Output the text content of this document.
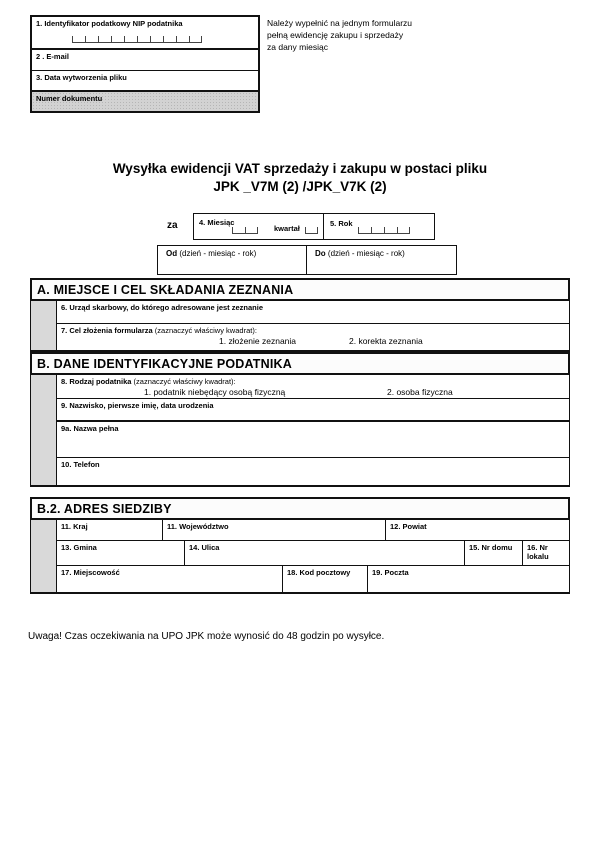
1. Identyfikator podatkowy NIP podatnika
2 . E-mail
3. Data wytworzenia pliku
Numer dokumentu
Należy wypełnić na jednym formularzu
pełną ewidencję zakupu i sprzedaży
za dany miesiąc
Wysyłka ewidencji VAT sprzedaży i zakupu w postaci pliku
JPK _V7M (2) /JPK_V7K (2)
za	4. Miesiąc
kwartał
5. Rok
Od (dzień - miesiąc - rok)	Do (dzień - miesiąc - rok)
A. MIEJSCE I CEL SKŁADANIA ZEZNANIA
6. Urząd skarbowy, do którego adresowane jest zeznanie
7. Cel złożenia formularza (zaznaczyć właściwy kwadrat):
1. złożenie zeznania	2. korekta zeznania
B. DANE IDENTYFIKACYJNE PODATNIKA
8. Rodzaj podatnika (zaznaczyć właściwy kwadrat):
1. podatnik niebędący osobą fizyczną	2. osoba fizyczna
9. Nazwisko, pierwsze imię, data urodzenia
9a. Nazwa pełna
10. Telefon
B.2. ADRES SIEDZIBY
11. Kraj	11. Województwo	12. Powiat
13. Gmina	14. Ulica	15. Nr domu	16. Nr lokalu
17. Miejscowość	18. Kod pocztowy	19. Poczta
Uwaga! Czas oczekiwania na UPO JPK może wynosić do 48 godzin po wysyłce.
